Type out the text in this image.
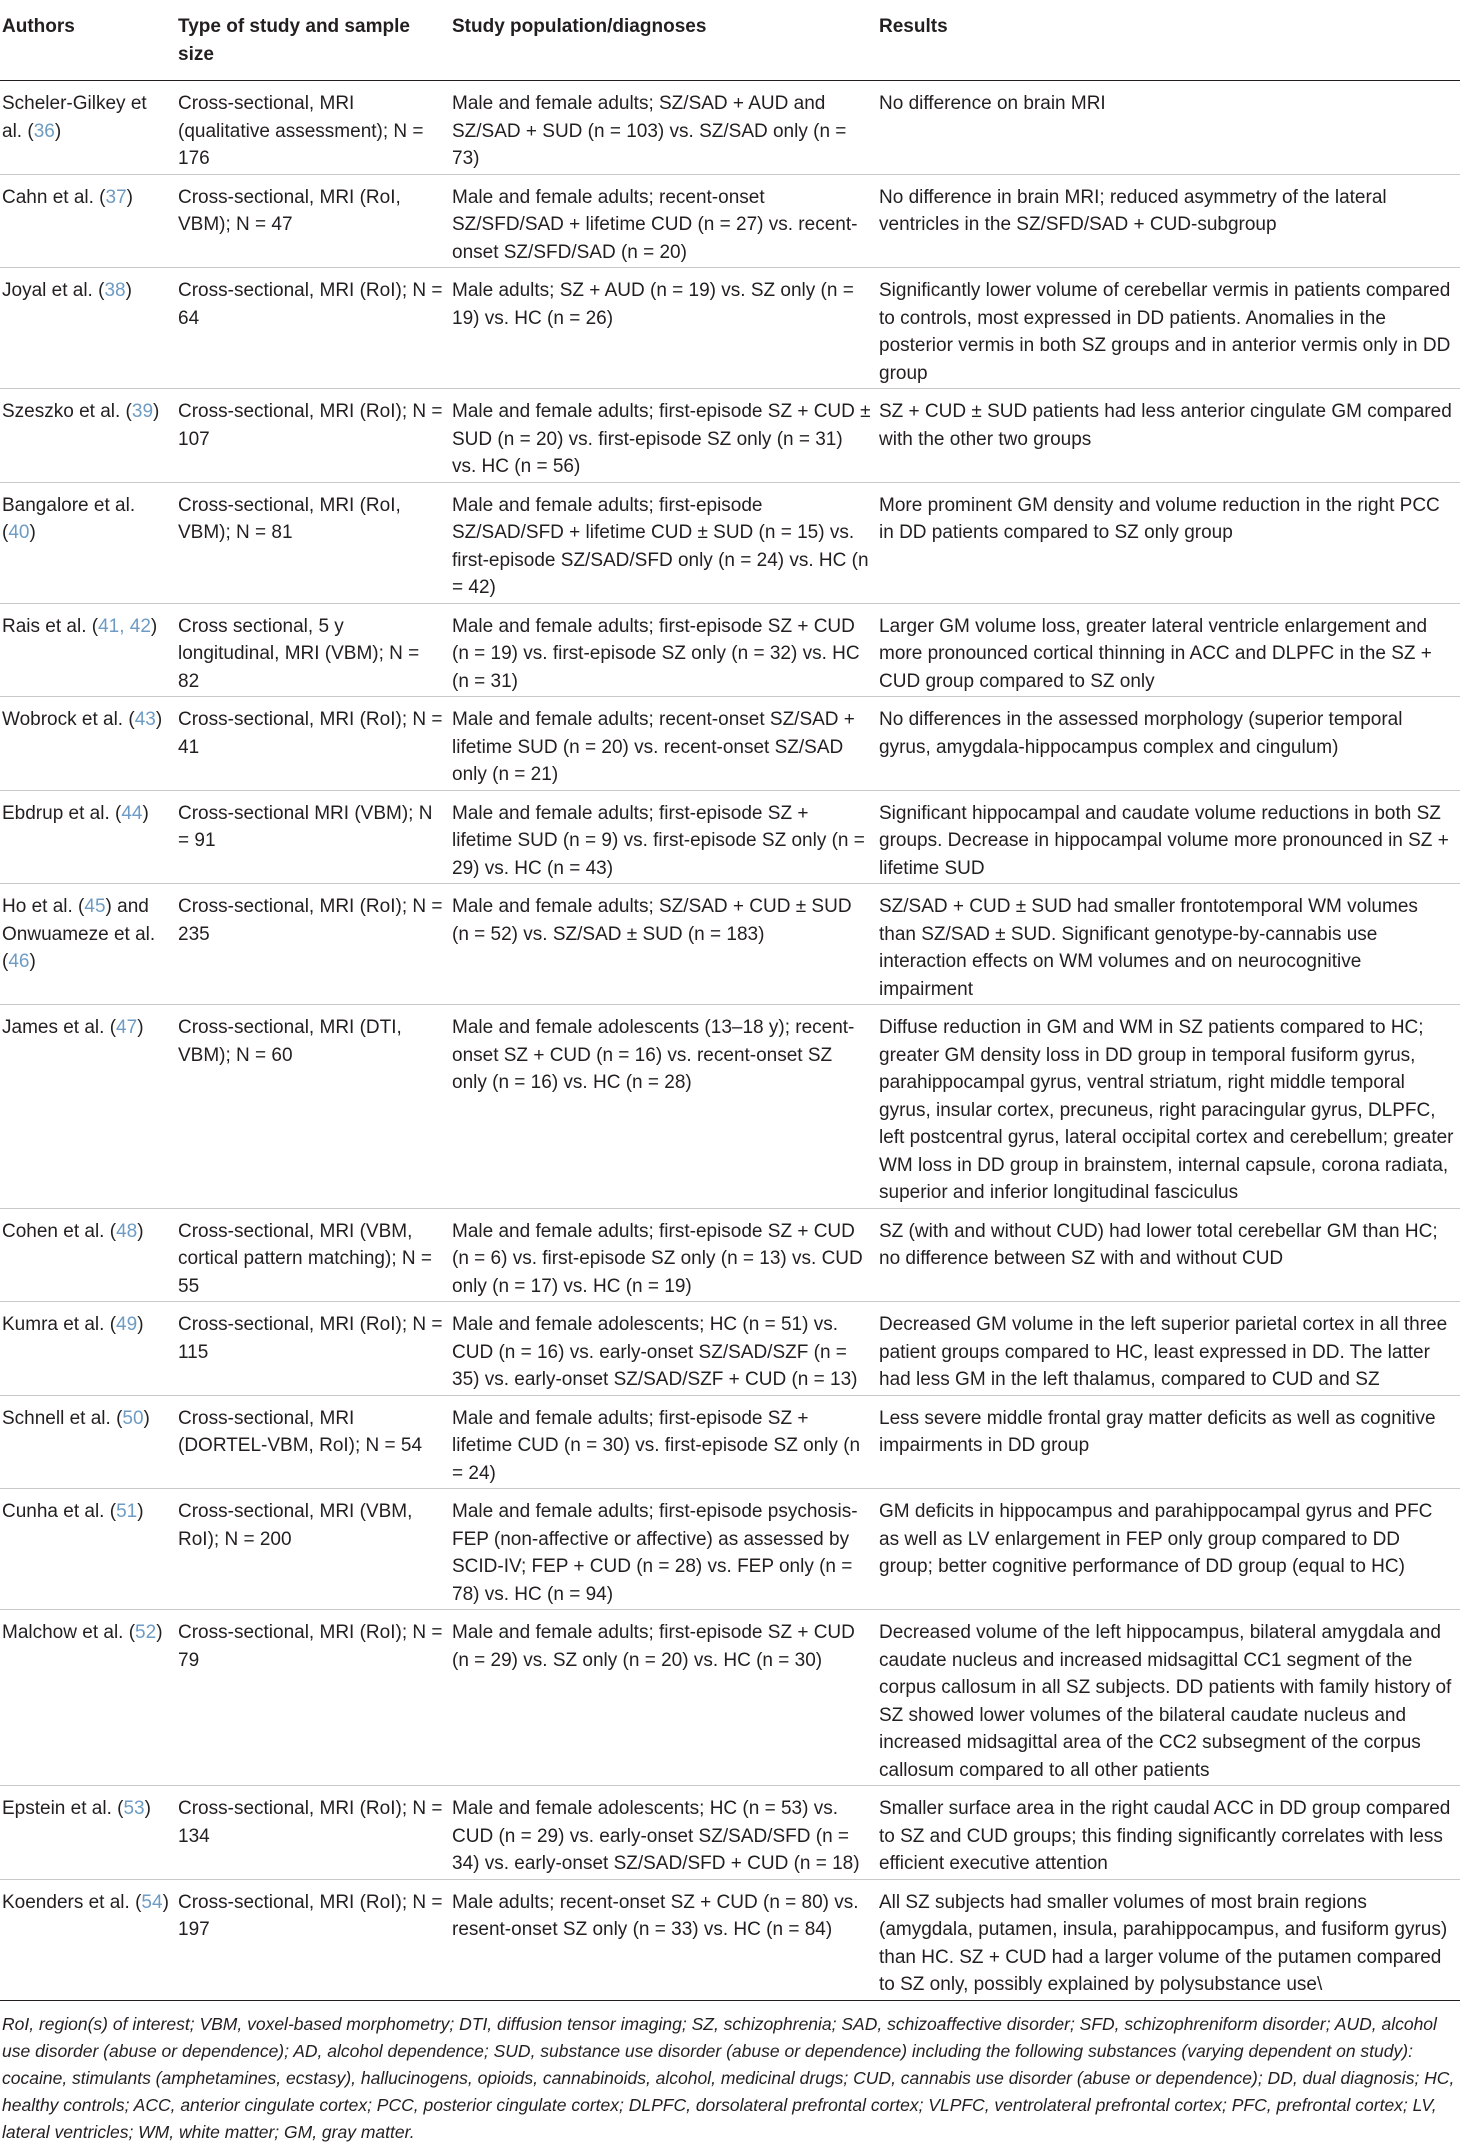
Authors	Type of study and sample size	Study population/diagnoses	Results
Scheler-Gilkey et al. (36)	Cross-sectional, MRI (qualitative assessment); N = 176	Male and female adults; SZ/SAD + AUD and SZ/SAD + SUD (n = 103) vs. SZ/SAD only (n = 73)	No difference on brain MRI
Cahn et al. (37)	Cross-sectional, MRI (RoI, VBM); N = 47	Male and female adults; recent-onset SZ/SFD/SAD + lifetime CUD (n = 27) vs. recent-onset SZ/SFD/SAD (n = 20)	No difference in brain MRI; reduced asymmetry of the lateral ventricles in the SZ/SFD/SAD + CUD-subgroup
Joyal et al. (38)	Cross-sectional, MRI (RoI); N = 64	Male adults; SZ + AUD (n = 19) vs. SZ only (n = 19) vs. HC (n = 26)	Significantly lower volume of cerebellar vermis in patients compared to controls, most expressed in DD patients. Anomalies in the posterior vermis in both SZ groups and in anterior vermis only in DD group
Szeszko et al. (39)	Cross-sectional, MRI (RoI); N = 107	Male and female adults; first-episode SZ + CUD ± SUD (n = 20) vs. first-episode SZ only (n = 31) vs. HC (n = 56)	SZ + CUD ± SUD patients had less anterior cingulate GM compared with the other two groups
Bangalore et al. (40)	Cross-sectional, MRI (RoI, VBM); N = 81	Male and female adults; first-episode SZ/SAD/SFD + lifetime CUD ± SUD (n = 15) vs. first-episode SZ/SAD/SFD only (n = 24) vs. HC (n = 42)	More prominent GM density and volume reduction in the right PCC in DD patients compared to SZ only group
Rais et al. (41, 42)	Cross sectional, 5 y longitudinal, MRI (VBM); N = 82	Male and female adults; first-episode SZ + CUD (n = 19) vs. first-episode SZ only (n = 32) vs. HC (n = 31)	Larger GM volume loss, greater lateral ventricle enlargement and more pronounced cortical thinning in ACC and DLPFC in the SZ + CUD group compared to SZ only
Wobrock et al. (43)	Cross-sectional, MRI (RoI); N = 41	Male and female adults; recent-onset SZ/SAD + lifetime SUD (n = 20) vs. recent-onset SZ/SAD only (n = 21)	No differences in the assessed morphology (superior temporal gyrus, amygdala-hippocampus complex and cingulum)
Ebdrup et al. (44)	Cross-sectional MRI (VBM); N = 91	Male and female adults; first-episode SZ + lifetime SUD (n = 9) vs. first-episode SZ only (n = 29) vs. HC (n = 43)	Significant hippocampal and caudate volume reductions in both SZ groups. Decrease in hippocampal volume more pronounced in SZ + lifetime SUD
Ho et al. (45) and Onwuameze et al. (46)	Cross-sectional, MRI (RoI); N = 235	Male and female adults; SZ/SAD + CUD ± SUD (n = 52) vs. SZ/SAD ± SUD (n = 183)	SZ/SAD + CUD ± SUD had smaller frontotemporal WM volumes than SZ/SAD ± SUD. Significant genotype-by-cannabis use interaction effects on WM volumes and on neurocognitive impairment
James et al. (47)	Cross-sectional, MRI (DTI, VBM); N = 60	Male and female adolescents (13–18 y); recent-onset SZ + CUD (n = 16) vs. recent-onset SZ only (n = 16) vs. HC (n = 28)	Diffuse reduction in GM and WM in SZ patients compared to HC; greater GM density loss in DD group in temporal fusiform gyrus, parahippocampal gyrus, ventral striatum, right middle temporal gyrus, insular cortex, precuneus, right paracingular gyrus, DLPFC, left postcentral gyrus, lateral occipital cortex and cerebellum; greater WM loss in DD group in brainstem, internal capsule, corona radiata, superior and inferior longitudinal fasciculus
Cohen et al. (48)	Cross-sectional, MRI (VBM, cortical pattern matching); N = 55	Male and female adults; first-episode SZ + CUD (n = 6) vs. first-episode SZ only (n = 13) vs. CUD only (n = 17) vs. HC (n = 19)	SZ (with and without CUD) had lower total cerebellar GM than HC; no difference between SZ with and without CUD
Kumra et al. (49)	Cross-sectional, MRI (RoI); N = 115	Male and female adolescents; HC (n = 51) vs. CUD (n = 16) vs. early-onset SZ/SAD/SZF (n = 35) vs. early-onset SZ/SAD/SZF + CUD (n = 13)	Decreased GM volume in the left superior parietal cortex in all three patient groups compared to HC, least expressed in DD. The latter had less GM in the left thalamus, compared to CUD and SZ
Schnell et al. (50)	Cross-sectional, MRI (DORTEL-VBM, RoI); N = 54	Male and female adults; first-episode SZ + lifetime CUD (n = 30) vs. first-episode SZ only (n = 24)	Less severe middle frontal gray matter deficits as well as cognitive impairments in DD group
Cunha et al. (51)	Cross-sectional, MRI (VBM, RoI); N = 200	Male and female adults; first-episode psychosis-FEP (non-affective or affective) as assessed by SCID-IV; FEP + CUD (n = 28) vs. FEP only (n = 78) vs. HC (n = 94)	GM deficits in hippocampus and parahippocampal gyrus and PFC as well as LV enlargement in FEP only group compared to DD group; better cognitive performance of DD group (equal to HC)
Malchow et al. (52)	Cross-sectional, MRI (RoI); N = 79	Male and female adults; first-episode SZ + CUD (n = 29) vs. SZ only (n = 20) vs. HC (n = 30)	Decreased volume of the left hippocampus, bilateral amygdala and caudate nucleus and increased midsagittal CC1 segment of the corpus callosum in all SZ subjects. DD patients with family history of SZ showed lower volumes of the bilateral caudate nucleus and increased midsagittal area of the CC2 subsegment of the corpus callosum compared to all other patients
Epstein et al. (53)	Cross-sectional, MRI (RoI); N = 134	Male and female adolescents; HC (n = 53) vs. CUD (n = 29) vs. early-onset SZ/SAD/SFD (n = 34) vs. early-onset SZ/SAD/SFD + CUD (n = 18)	Smaller surface area in the right caudal ACC in DD group compared to SZ and CUD groups; this finding significantly correlates with less efficient executive attention
Koenders et al. (54)	Cross-sectional, MRI (RoI); N = 197	Male adults; recent-onset SZ + CUD (n = 80) vs. resent-onset SZ only (n = 33) vs. HC (n = 84)	All SZ subjects had smaller volumes of most brain regions (amygdala, putamen, insula, parahippocampus, and fusiform gyrus) than HC. SZ + CUD had a larger volume of the putamen compared to SZ only, possibly explained by polysubstance use\

RoI, region(s) of interest; VBM, voxel-based morphometry; DTI, diffusion tensor imaging; SZ, schizophrenia; SAD, schizoaffective disorder; SFD, schizophreniform disorder; AUD, alcohol use disorder (abuse or dependence); AD, alcohol dependence; SUD, substance use disorder (abuse or dependence) including the following substances (varying dependent on study): cocaine, stimulants (amphetamines, ecstasy), hallucinogens, opioids, cannabinoids, alcohol, medicinal drugs; CUD, cannabis use disorder (abuse or dependence); DD, dual diagnosis; HC, healthy controls; ACC, anterior cingulate cortex; PCC, posterior cingulate cortex; DLPFC, dorsolateral prefrontal cortex; VLPFC, ventrolateral prefrontal cortex; PFC, prefrontal cortex; LV, lateral ventricles; WM, white matter; GM, gray matter.
